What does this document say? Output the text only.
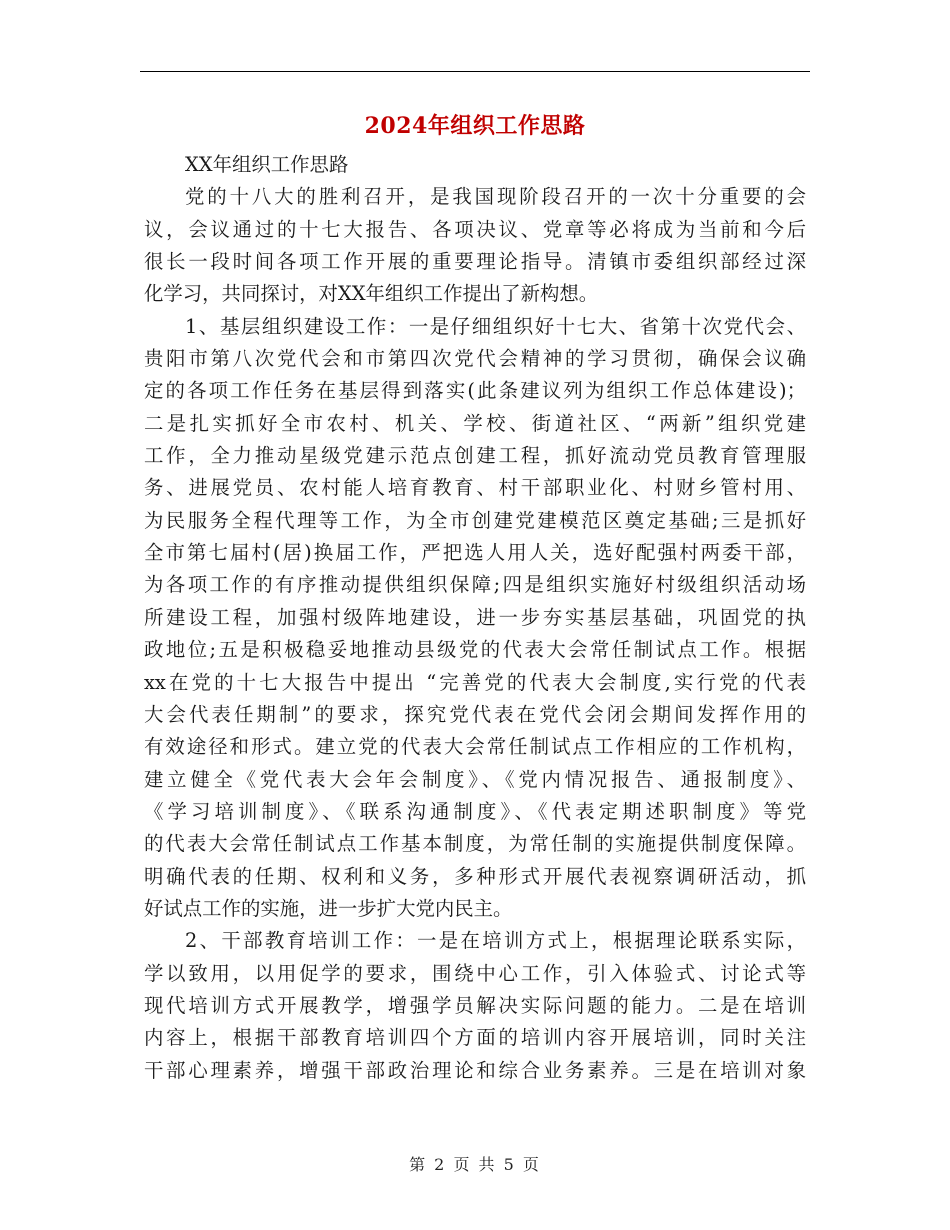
2024年组织工作思路
XX年组织工作思路
党的十八大的胜利召开，是我国现阶段召开的一次十分重要的会
议，会议通过的十七大报告、各项决议、党章等必将成为当前和今后
很长一段时间各项工作开展的重要理论指导。清镇市委组织部经过深
化学习，共同探讨，对XX年组织工作提出了新构想。
1、基层组织建设工作：一是仔细组织好十七大、省第十次党代会、
贵阳市第八次党代会和市第四次党代会精神的学习贯彻，确保会议确
定的各项工作任务在基层得到落实(此条建议列为组织工作总体建设)；
二是扎实抓好全市农村、机关、学校、街道社区、“两新”组织党建
工作，全力推动星级党建示范点创建工程，抓好流动党员教育管理服
务、进展党员、农村能人培育教育、村干部职业化、村财乡管村用、
为民服务全程代理等工作，为全市创建党建模范区奠定基础;三是抓好
全市第七届村(居)换届工作，严把选人用人关，选好配强村两委干部，
为各项工作的有序推动提供组织保障;四是组织实施好村级组织活动场
所建设工程，加强村级阵地建设，进一步夯实基层基础，巩固党的执
政地位;五是积极稳妥地推动县级党的代表大会常任制试点工作。根据
xx在党的十七大报告中提出 “完善党的代表大会制度,实行党的代表
大会代表任期制”的要求，探究党代表在党代会闭会期间发挥作用的
有效途径和形式。建立党的代表大会常任制试点工作相应的工作机构，
建立健全《党代表大会年会制度》、《党内情况报告、通报制度》、
《学习培训制度》、《联系沟通制度》、《代表定期述职制度》等党
的代表大会常任制试点工作基本制度，为常任制的实施提供制度保障。
明确代表的任期、权利和义务，多种形式开展代表视察调研活动，抓
好试点工作的实施，进一步扩大党内民主。
2、干部教育培训工作：一是在培训方式上，根据理论联系实际，
学以致用，以用促学的要求，围绕中心工作，引入体验式、讨论式等
现代培训方式开展教学，增强学员解决实际问题的能力。二是在培训
内容上，根据干部教育培训四个方面的培训内容开展培训，同时关注
干部心理素养，增强干部政治理论和综合业务素养。三是在培训对象
第 2 页 共 5 页
